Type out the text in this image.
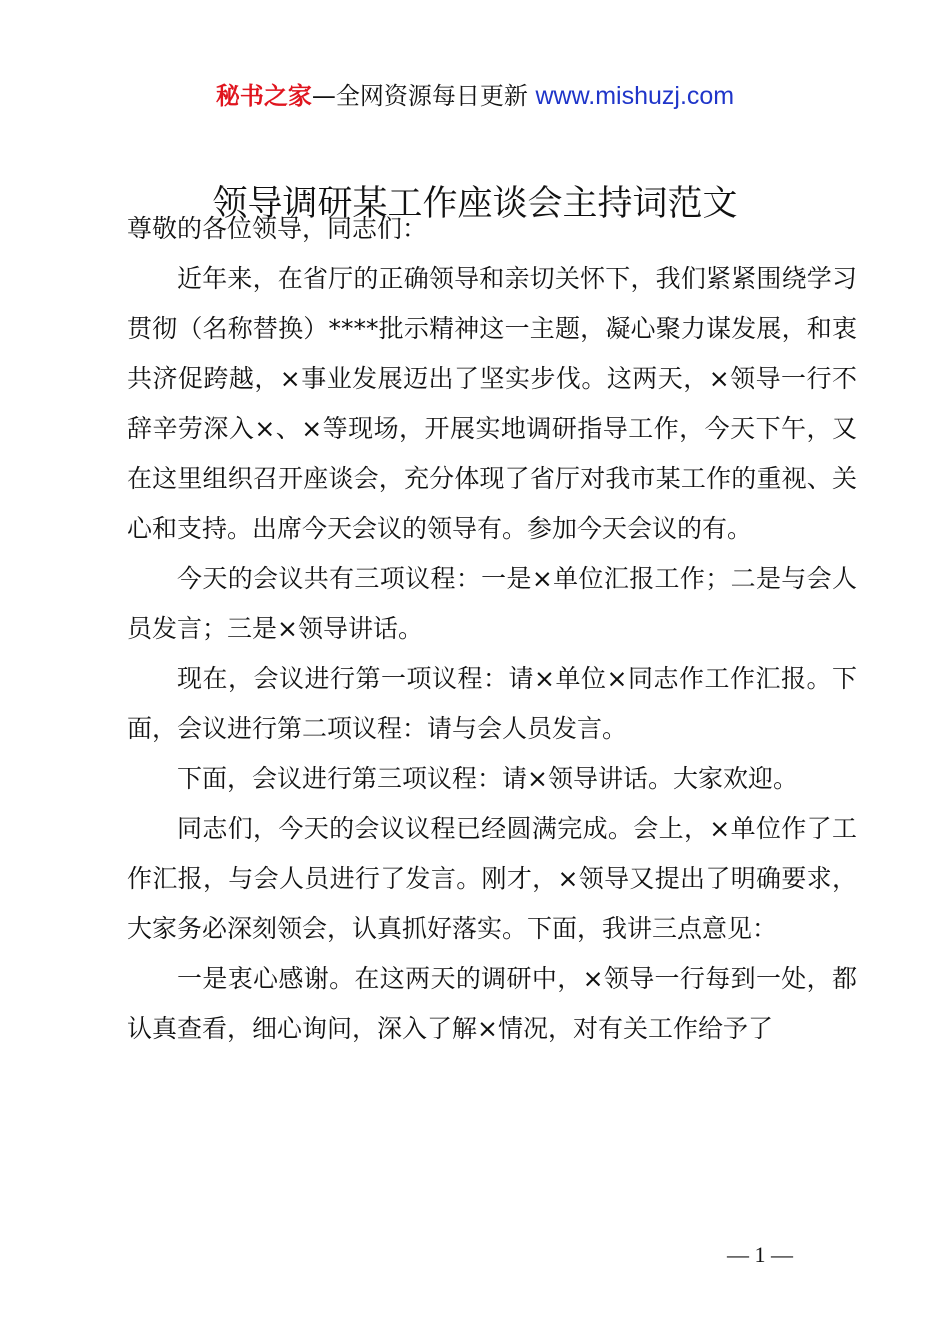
秘书之家—全网资源每日更新 www.mishuzj.com
领导调研某工作座谈会主持词范文

尊敬的各位领导，同志们：

近年来，在省厅的正确领导和亲切关怀下，我们紧紧围绕学习贯彻（名称替换）****批示精神这一主题，凝心聚力谋发展，和衷共济促跨越，×事业发展迈出了坚实步伐。这两天，×领导一行不辞辛劳深入×、×等现场，开展实地调研指导工作，今天下午，又在这里组织召开座谈会，充分体现了省厅对我市某工作的重视、关心和支持。出席今天会议的领导有。参加今天会议的有。

今天的会议共有三项议程：一是×单位汇报工作；二是与会人员发言；三是×领导讲话。

现在，会议进行第一项议程：请×单位×同志作工作汇报。下面，会议进行第二项议程：请与会人员发言。

下面，会议进行第三项议程：请×领导讲话。大家欢迎。

同志们，今天的会议议程已经圆满完成。会上，×单位作了工作汇报，与会人员进行了发言。刚才，×领导又提出了明确要求，大家务必深刻领会，认真抓好落实。下面，我讲三点意见：

一是衷心感谢。在这两天的调研中，×领导一行每到一处，都认真查看，细心询问，深入了解×情况，对有关工作给予了

— 1 —
